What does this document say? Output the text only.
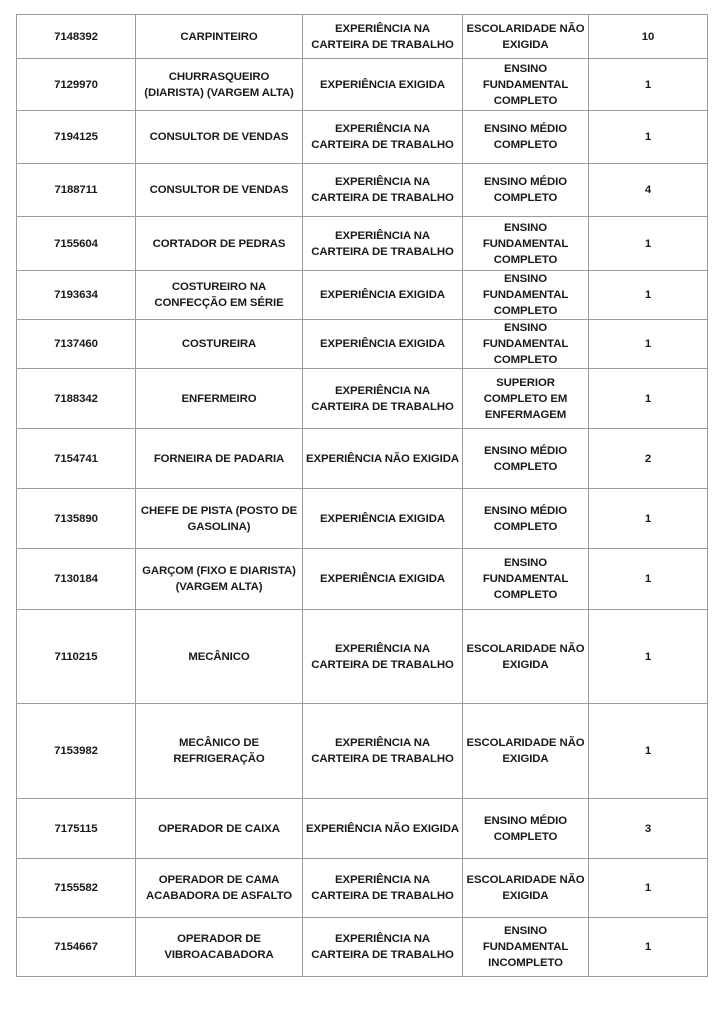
7148392	CARPINTEIRO	EXPERIÊNCIA NA CARTEIRA DE TRABALHO	ESCOLARIDADE NÃO EXIGIDA	10
7129970	CHURRASQUEIRO (DIARISTA) (VARGEM ALTA)	EXPERIÊNCIA EXIGIDA	ENSINO FUNDAMENTAL COMPLETO	1
7194125	CONSULTOR DE VENDAS	EXPERIÊNCIA NA CARTEIRA DE TRABALHO	ENSINO MÉDIO COMPLETO	1
7188711	CONSULTOR DE VENDAS	EXPERIÊNCIA NA CARTEIRA DE TRABALHO	ENSINO MÉDIO COMPLETO	4
7155604	CORTADOR DE PEDRAS	EXPERIÊNCIA NA CARTEIRA DE TRABALHO	ENSINO FUNDAMENTAL COMPLETO	1
7193634	COSTUREIRO NA CONFECÇÃO EM SÉRIE	EXPERIÊNCIA EXIGIDA	ENSINO FUNDAMENTAL COMPLETO	1
7137460	COSTUREIRA	EXPERIÊNCIA EXIGIDA	ENSINO FUNDAMENTAL COMPLETO	1
7188342	ENFERMEIRO	EXPERIÊNCIA NA CARTEIRA DE TRABALHO	SUPERIOR COMPLETO EM ENFERMAGEM	1
7154741	FORNEIRA DE PADARIA	EXPERIÊNCIA NÃO EXIGIDA	ENSINO MÉDIO COMPLETO	2
7135890	CHEFE DE PISTA (POSTO DE GASOLINA)	EXPERIÊNCIA EXIGIDA	ENSINO MÉDIO COMPLETO	1
7130184	GARÇOM (FIXO E DIARISTA) (VARGEM ALTA)	EXPERIÊNCIA EXIGIDA	ENSINO FUNDAMENTAL COMPLETO	1
7110215	MECÂNICO	EXPERIÊNCIA NA CARTEIRA DE TRABALHO	ESCOLARIDADE NÃO EXIGIDA	1
7153982	MECÂNICO DE REFRIGERAÇÃO	EXPERIÊNCIA NA CARTEIRA DE TRABALHO	ESCOLARIDADE NÃO EXIGIDA	1
7175115	OPERADOR DE CAIXA	EXPERIÊNCIA NÃO EXIGIDA	ENSINO MÉDIO COMPLETO	3
7155582	OPERADOR DE CAMA ACABADORA DE ASFALTO	EXPERIÊNCIA NA CARTEIRA DE TRABALHO	ESCOLARIDADE NÃO EXIGIDA	1
7154667	OPERADOR DE VIBROACABADORA	EXPERIÊNCIA NA CARTEIRA DE TRABALHO	ENSINO FUNDAMENTAL INCOMPLETO	1
